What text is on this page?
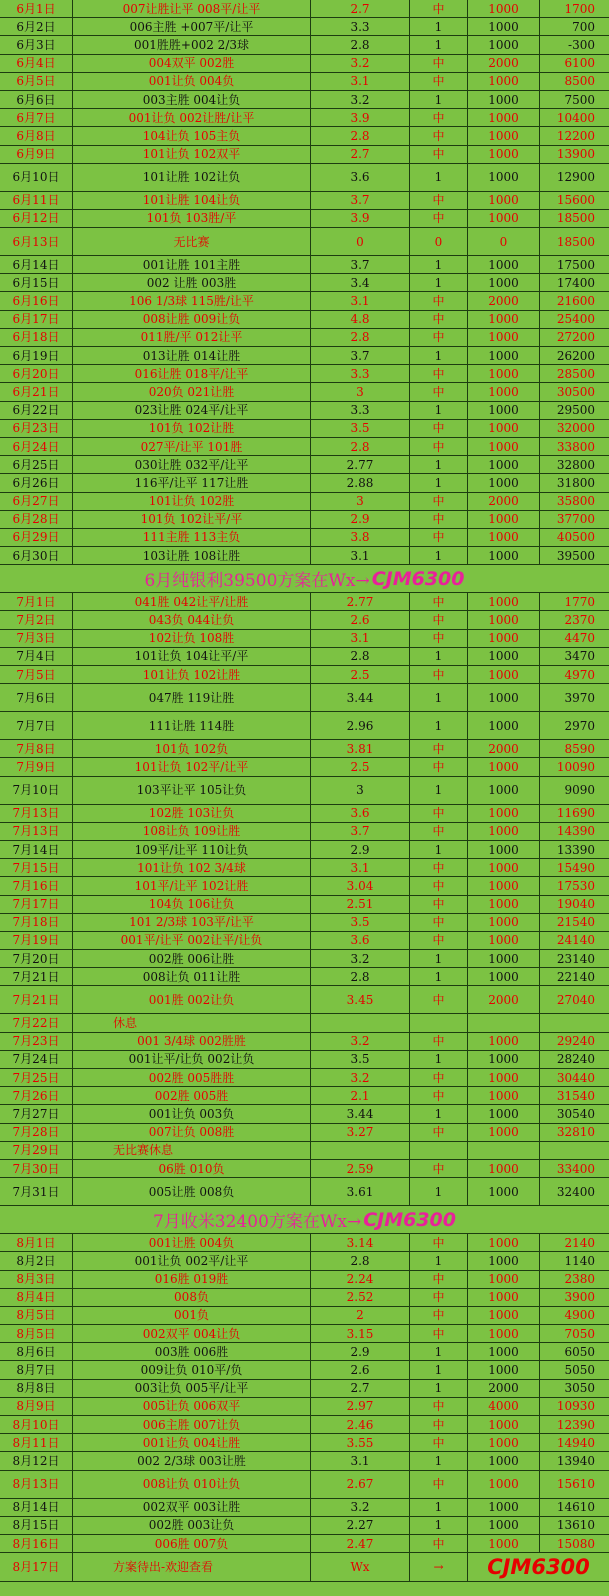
6月1日	007让胜让平 008平/让平	2.7	中	1000	1700
6月2日	006主胜 +007平/让平	3.3	1	1000	700
6月3日	001胜胜+002 2/3球	2.8	1	1000	-300
6月4日	004双平 002胜	3.2	中	2000	6100
6月5日	001让负 004负	3.1	中	1000	8500
6月6日	003主胜 004让负	3.2	1	1000	7500
6月7日	001让负 002让胜/让平	3.9	中	1000	10400
6月8日	104让负 105主负	2.8	中	1000	12200
6月9日	101让负 102双平	2.7	中	1000	13900
6月10日	101让胜 102让负	3.6	1	1000	12900
6月11日	101让胜 104让负	3.7	中	1000	15600
6月12日	101负 103胜/平	3.9	中	1000	18500
6月13日	无比赛	0	0	0	18500
6月14日	001让胜 101主胜	3.7	1	1000	17500
6月15日	002 让胜 003胜	3.4	1	1000	17400
6月16日	106 1/3球 115胜/让平	3.1	中	2000	21600
6月17日	008让胜 009让负	4.8	中	1000	25400
6月18日	011胜/平 012让平	2.8	中	1000	27200
6月19日	013让胜 014让胜	3.7	1	1000	26200
6月20日	016让胜 018平/让平	3.3	中	1000	28500
6月21日	020负 021让胜	3	中	1000	30500
6月22日	023让胜 024平/让平	3.3	1	1000	29500
6月23日	101负 102让胜	3.5	中	1000	32000
6月24日	027平/让平 101胜	2.8	中	1000	33800
6月25日	030让胜 032平/让平	2.77	1	1000	32800
6月26日	116平/让平 117让胜	2.88	1	1000	31800
6月27日	101让负 102胜	3	中	2000	35800
6月28日	101负 102让平/平	2.9	中	1000	37700
6月29日	111主胜 113主负	3.8	中	1000	40500
6月30日	103让胜 108让胜	3.1	1	1000	39500
6月纯银利39500方案在Wx→ CJM6300
7月1日	041胜 042让平/让胜	2.77	中	1000	1770
7月2日	043负 044让负	2.6	中	1000	2370
7月3日	102让负 108胜	3.1	中	1000	4470
7月4日	101让负 104让平/平	2.8	1	1000	3470
7月5日	101让负 102让胜	2.5	中	1000	4970
7月6日	047胜 119让胜	3.44	1	1000	3970
7月7日	111让胜 114胜	2.96	1	1000	2970
7月8日	101负 102负	3.81	中	2000	8590
7月9日	101让负 102平/让平	2.5	中	1000	10090
7月10日	103平让平 105让负	3	1	1000	9090
7月13日	102胜 103让负	3.6	中	1000	11690
7月13日	108让负 109让胜	3.7	中	1000	14390
7月14日	109平/让平 110让负	2.9	1	1000	13390
7月15日	101让负 102 3/4球	3.1	中	1000	15490
7月16日	101平/让平 102让胜	3.04	中	1000	17530
7月17日	104负 106让负	2.51	中	1000	19040
7月18日	101 2/3球 103平/让平	3.5	中	1000	21540
7月19日	001平/让平 002让平/让负	3.6	中	1000	24140
7月20日	002胜 006让胜	3.2	1	1000	23140
7月21日	008让负 011让胜	2.8	1	1000	22140
7月21日	001胜 002让负	3.45	中	2000	27040
7月22日	休息
7月23日	001 3/4球 002胜胜	3.2	中	1000	29240
7月24日	001让平/让负 002让负	3.5	1	1000	28240
7月25日	002胜 005胜胜	3.2	中	1000	30440
7月26日	002胜 005胜	2.1	中	1000	31540
7月27日	001让负 003负	3.44	1	1000	30540
7月28日	007让负 008胜	3.27	中	1000	32810
7月29日	无比赛休息
7月30日	06胜 010负	2.59	中	1000	33400
7月31日	005让胜 008负	3.61	1	1000	32400
7月收米32400方案在Wx→ CJM6300
8月1日	001让胜 004负	3.14	中	1000	2140
8月2日	001让负 002平/让平	2.8	1	1000	1140
8月3日	016胜 019胜	2.24	中	1000	2380
8月4日	008负	2.52	中	1000	3900
8月5日	001负	2	中	1000	4900
8月5日	002双平 004让负	3.15	中	1000	7050
8月6日	003胜 006胜	2.9	1	1000	6050
8月7日	009让负 010平/负	2.6	1	1000	5050
8月8日	003让负 005平/让平	2.7	1	2000	3050
8月9日	005让负 006双平	2.97	中	4000	10930
8月10日	006主胜 007让负	2.46	中	1000	12390
8月11日	001让负 004让胜	3.55	中	1000	14940
8月12日	002 2/3球 003让胜	3.1	1	1000	13940
8月13日	008让负 010让负	2.67	中	1000	15610
8月14日	002双平 003让胜	3.2	1	1000	14610
8月15日	002胜 003让负	2.27	1	1000	13610
8月16日	006胜 007负	2.47	中	1000	15080
8月17日	方案待出-欢迎查看	Wx	→	CJM6300
